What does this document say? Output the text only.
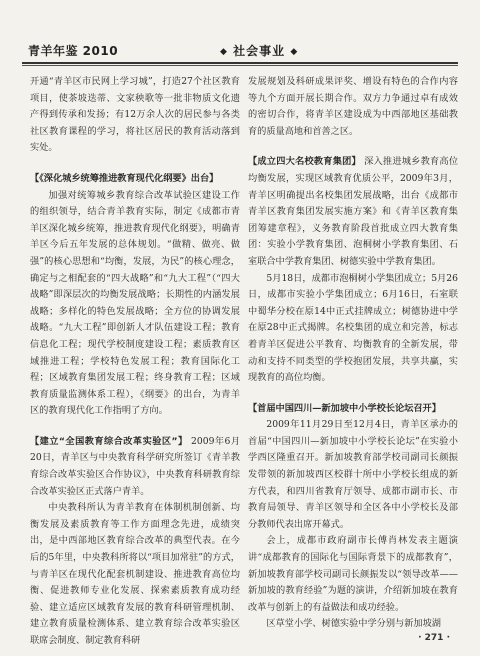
青羊年鉴 2010	◆ 社会事业 ◆

开通“青羊区市民网上学习城”，打造27个社区教育项目，使茶坡迭蒂、文家秧歌等一批非物质文化遗产得到传承和发扬；有12万余人次的居民参与各类社区教育课程的学习，将社区居民的教育活动落到实处。

【《深化城乡统筹推进教育现代化纲要》出台】

加强对统筹城乡教育综合改革试验区建设工作的组织领导，结合青羊教育实际，制定《成都市青羊区深化城乡统筹，推进教育现代化纲要》，明确青羊区今后五年发展的总体规划。“做精、做亮、做强”的核心思想和“均衡，发展，为民”的核心理念，确定与之相配套的“四大战略”和“九大工程”（“四大战略”即深层次的均衡发展战略；长期性的内涵发展战略；多样化的特色发展战略；全方位的协调发展战略。“九大工程”即创新人才队伍建设工程；教育信息化工程；现代学校制度建设工程；素质教育区域推进工程；学校特色发展工程；教育国际化工程；区域教育集团发展工程；终身教育工程；区域教育质量监测体系工程），《纲要》的出台，为青羊区的教育现代化工作指明了方向。

【建立“全国教育综合改革实验区”】 2009年6月20日，青羊区与中央教育科学研究所签订《青羊教育综合改革实验区合作协议》，中央教育科研教育综合改革实验区正式落户青羊。

中央教科所认为青羊教育在体制机制创新、均衡发展及素质教育等工作方面理念先进，成绩突出，是中西部地区教育综合改革的典型代表。在今后的5年里，中央教科所将以“项目加常驻”的方式，与青羊区在现代化配套机制建设、推进教育高位均衡、促进教师专业化发展、探索素质教育成功经验、建立适应区域教育发展的教育科研管理机制、建立教育质量检测体系、建立教育综合改革实验区联席会制度、制定教育科研

发展规划及科研成果评奖、增设有特色的合作内容等九个方面开展长期合作。双方力争通过卓有成效的密切合作，将青羊区建设成为中西部地区基础教育的质量高地和首善之区。

【成立四大名校教育集团】 深入推进城乡教育高位均衡发展，实现区域教育优质公平，2009年3月，青羊区明确提出名校集团发展战略，出台《成都市青羊区教育集团发展实施方案》和《青羊区教育集团筹建章程》，义务教育阶段首批成立四大教育集团：实验小学教育集团、泡桐树小学教育集团、石室联合中学教育集团、树德实验中学教育集团。

5月18日，成都市泡桐树小学集团成立；5月26日，成都市实验小学集团成立；6月16日，石室联中蜀华分校在原14中正式挂牌成立；树德协进中学在原28中正式揭牌。名校集团的成立和完善，标志着青羊区促进公平教育、均衡教育的全新发展，带动和支持不同类型的学校抱团发展，共享共赢，实现教育的高位均衡。

【首届中国四川—新加坡中小学校长论坛召开】

2009年11月29日至12月4日，青羊区承办的首届“中国四川—新加坡中小学校长论坛”在实验小学西区隆重召开。新加坡教育部学校司副司长颜振发带领的新加坡西区校群十所中小学校长组成的新方代表，和四川省教育厅领导、成都市副市长、市教育局领导、青羊区领导和全区各中小学校长及部分教师代表出席开幕式。

会上，成都市政府副市长傅肖林发表主题演讲“成都教育的国际化与国际背景下的成都教育”，新加坡教育部学校司副司长颜振发以“领导改革——新加坡的教育经验”为题的演讲，介绍新加坡在教育改革与创新上的有益做法和成功经验。

区草堂小学、树德实验中学分别与新加坡湖

· 271 ·
